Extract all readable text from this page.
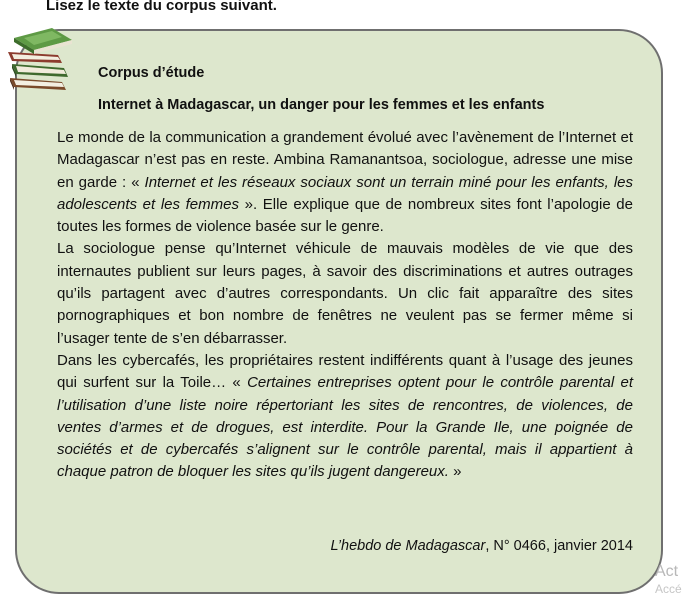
Lisez le texte du corpus suivant.
Corpus d’étude
Internet à Madagascar, un danger pour les femmes et les enfants

Le monde de la communication a grandement évolué avec l’avènement de l’Internet et Madagascar n’est pas en reste. Ambina Ramanantsoa, sociologue, adresse une mise en garde : « Internet et les réseaux sociaux sont un terrain miné pour les enfants, les adolescents et les femmes ». Elle explique que de nombreux sites font l’apologie de toutes les formes de violence basée sur le genre.

La sociologue pense qu’Internet véhicule de mauvais modèles de vie que des internautes publient sur leurs pages, à savoir des discriminations et autres outrages qu’ils partagent avec d’autres correspondants. Un clic fait apparaître des sites pornographiques et bon nombre de fenêtres ne veulent pas se fermer même si l’usager tente de s’en débarrasser.

Dans les cybercafés, les propriétaires restent indifférents quant à l’usage des jeunes qui surfent sur la Toile… « Certaines entreprises optent pour le contrôle parental et l’utilisation d’une liste noire répertoriant les sites de rencontres, de violences, de ventes d’armes et de drogues, est interdite. Pour la Grande Ile, une poignée de sociétés et de cybercafés s’alignent sur le contrôle parental, mais il appartient à chaque patron de bloquer les sites qu’ils jugent dangereux. »

L’hebdo de Madagascar, N° 0466, janvier 2014
Act
Accé
